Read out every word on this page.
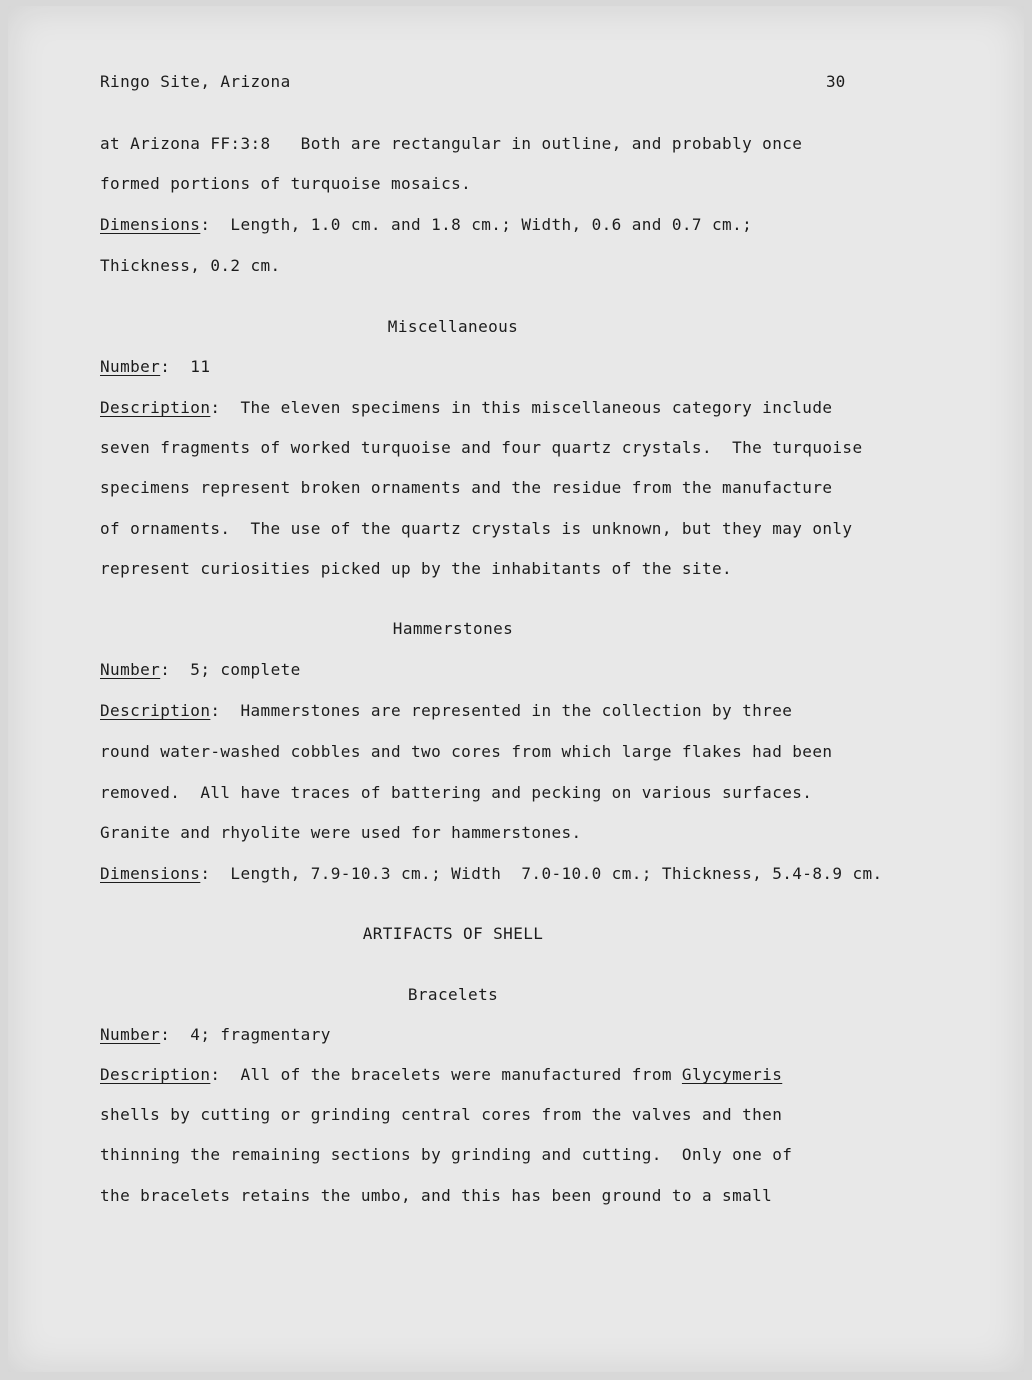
Ringo Site, Arizona	30
at Arizona FF:3:8   Both are rectangular in outline, and probably once
formed portions of turquoise mosaics.
Dimensions:  Length, 1.0 cm. and 1.8 cm.; Width, 0.6 and 0.7 cm.;
Thickness, 0.2 cm.
Miscellaneous
Number:  11
Description:  The eleven specimens in this miscellaneous category include
seven fragments of worked turquoise and four quartz crystals.  The turquoise
specimens represent broken ornaments and the residue from the manufacture
of ornaments.  The use of the quartz crystals is unknown, but they may only
represent curiosities picked up by the inhabitants of the site.
Hammerstones
Number:  5; complete
Description:  Hammerstones are represented in the collection by three
round water-washed cobbles and two cores from which large flakes had been
removed.  All have traces of battering and pecking on various surfaces.
Granite and rhyolite were used for hammerstones.
Dimensions:  Length, 7.9-10.3 cm.; Width  7.0-10.0 cm.; Thickness, 5.4-8.9 cm.
ARTIFACTS OF SHELL
Bracelets
Number:  4; fragmentary
Description:  All of the bracelets were manufactured from Glycymeris
shells by cutting or grinding central cores from the valves and then
thinning the remaining sections by grinding and cutting.  Only one of
the bracelets retains the umbo, and this has been ground to a small
